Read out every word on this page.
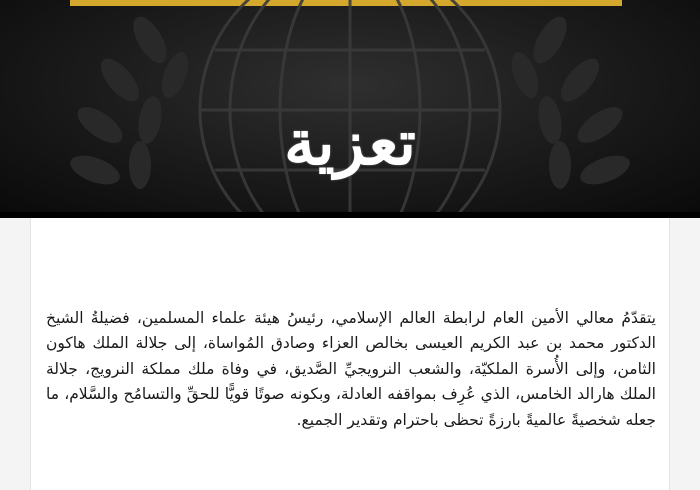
تعزية

يتقدّمُ معالي الأمين العام لرابطة العالم الإسلامي، رئيسُ هيئة علماء المسلمين، فضيلةُ الشيخ الدكتور محمد بن عبد الكريم العيسى بخالص العزاء وصادق المُواساة، إلى جلالة الملك هاكون الثامن، وإلى الأُسرة الملكيّة، والشعب النرويجيِّ الصَّديق، في وفاة ملك مملكة النرويج، جلالة الملك هارالد الخامس، الذي عُرِف بمواقفه العادلة، وبكونه صوتًا قويًّا للحقِّ والتسامُح والسَّلام، ما جعله شخصيةً عالميةً بارزةً تحظى باحترام وتقدير الجميع.
